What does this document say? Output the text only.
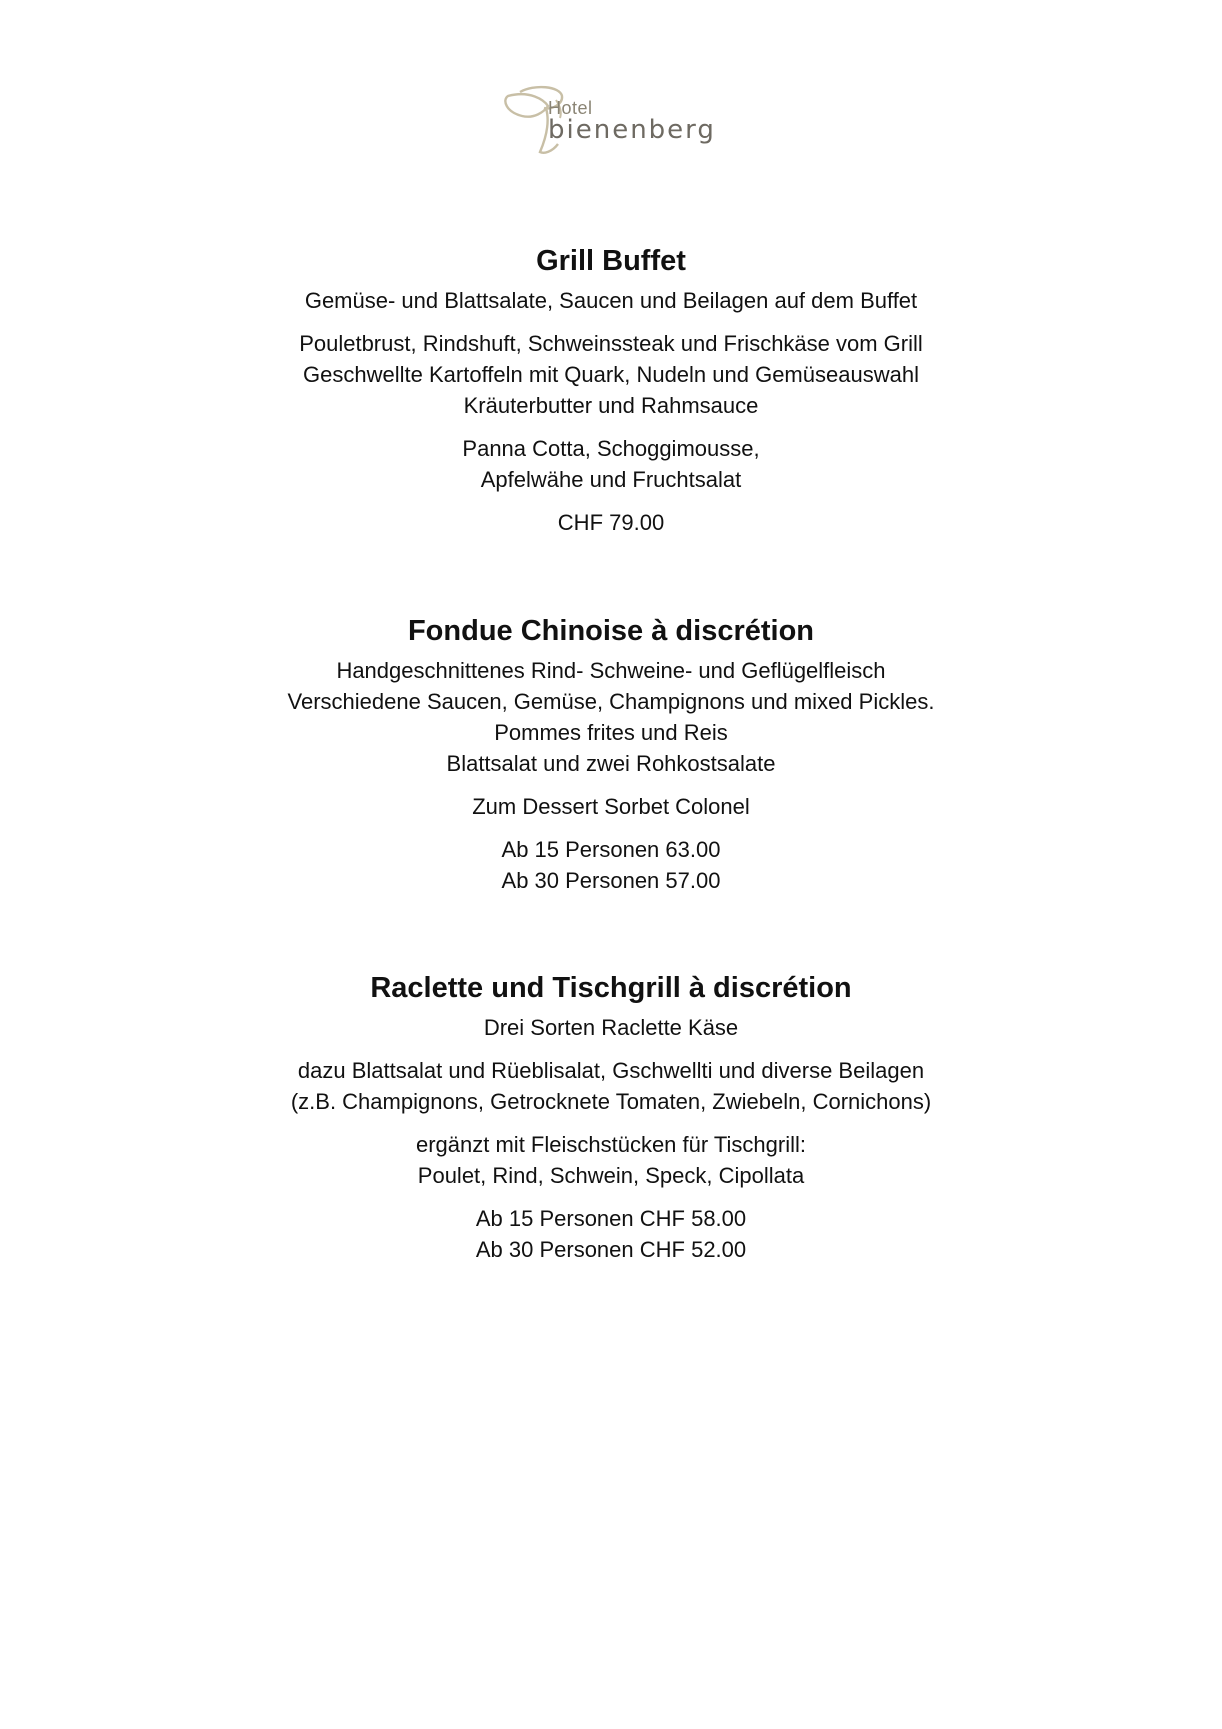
Hotel
bienenberg
Grill Buffet
Gemüse- und Blattsalate, Saucen und Beilagen auf dem Buffet
Pouletbrust, Rindshuft, Schweinssteak und Frischkäse vom Grill
Geschwellte Kartoffeln mit Quark, Nudeln und Gemüseauswahl
Kräuterbutter und Rahmsauce
Panna Cotta, Schoggimousse,
Apfelwähe und Fruchtsalat
CHF 79.00
Fondue Chinoise à discrétion
Handgeschnittenes Rind- Schweine- und Geflügelfleisch
Verschiedene Saucen, Gemüse, Champignons und mixed Pickles.
Pommes frites und Reis
Blattsalat und zwei Rohkostsalate
Zum Dessert Sorbet Colonel
Ab 15 Personen 63.00
Ab 30 Personen 57.00
Raclette und Tischgrill à discrétion
Drei Sorten Raclette Käse
dazu Blattsalat und Rüeblisalat, Gschwellti und diverse Beilagen
(z.B. Champignons, Getrocknete Tomaten, Zwiebeln, Cornichons)
ergänzt mit Fleischstücken für Tischgrill:
Poulet, Rind, Schwein, Speck, Cipollata
Ab 15 Personen CHF 58.00
Ab 30 Personen CHF 52.00
